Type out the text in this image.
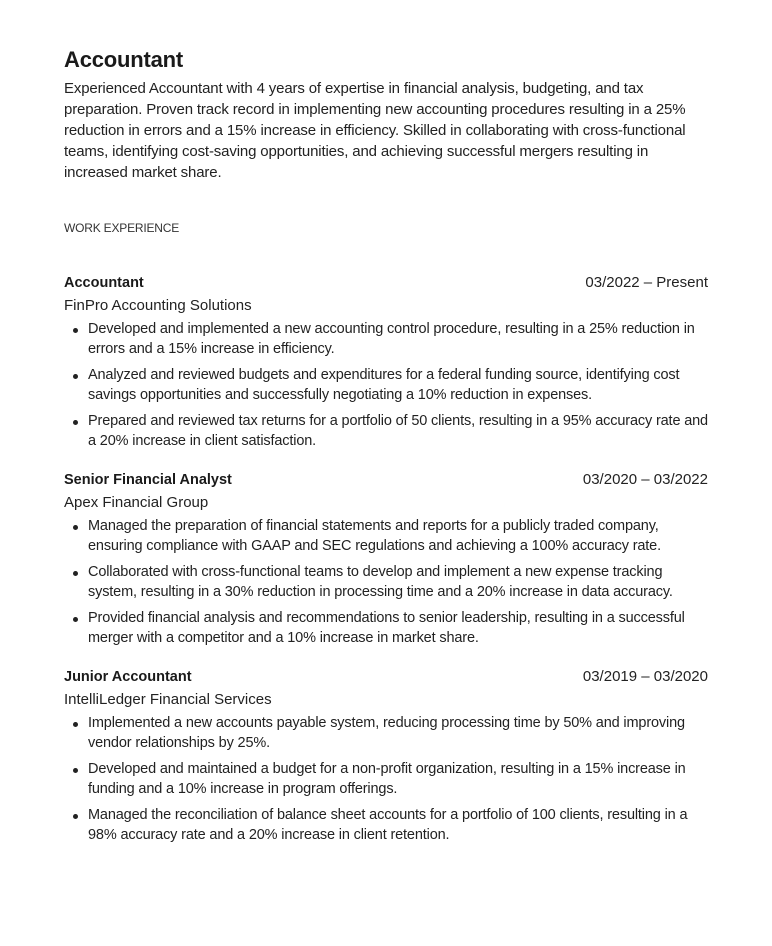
Accountant

Experienced Accountant with 4 years of expertise in financial analysis, budgeting, and tax preparation. Proven track record in implementing new accounting procedures resulting in a 25% reduction in errors and a 15% increase in efficiency. Skilled in collaborating with cross-functional teams, identifying cost-saving opportunities, and achieving successful mergers resulting in increased market share.

WORK EXPERIENCE
Accountant	03/2022 – Present
FinPro Accounting Solutions
Developed and implemented a new accounting control procedure, resulting in a 25% reduction in errors and a 15% increase in efficiency.
Analyzed and reviewed budgets and expenditures for a federal funding source, identifying cost savings opportunities and successfully negotiating a 10% reduction in expenses.
Prepared and reviewed tax returns for a portfolio of 50 clients, resulting in a 95% accuracy rate and a 20% increase in client satisfaction.
Senior Financial Analyst	03/2020 – 03/2022
Apex Financial Group
Managed the preparation of financial statements and reports for a publicly traded company, ensuring compliance with GAAP and SEC regulations and achieving a 100% accuracy rate.
Collaborated with cross-functional teams to develop and implement a new expense tracking system, resulting in a 30% reduction in processing time and a 20% increase in data accuracy.
Provided financial analysis and recommendations to senior leadership, resulting in a successful merger with a competitor and a 10% increase in market share.
Junior Accountant	03/2019 – 03/2020
IntelliLedger Financial Services
Implemented a new accounts payable system, reducing processing time by 50% and improving vendor relationships by 25%.
Developed and maintained a budget for a non-profit organization, resulting in a 15% increase in funding and a 10% increase in program offerings.
Managed the reconciliation of balance sheet accounts for a portfolio of 100 clients, resulting in a 98% accuracy rate and a 20% increase in client retention.
